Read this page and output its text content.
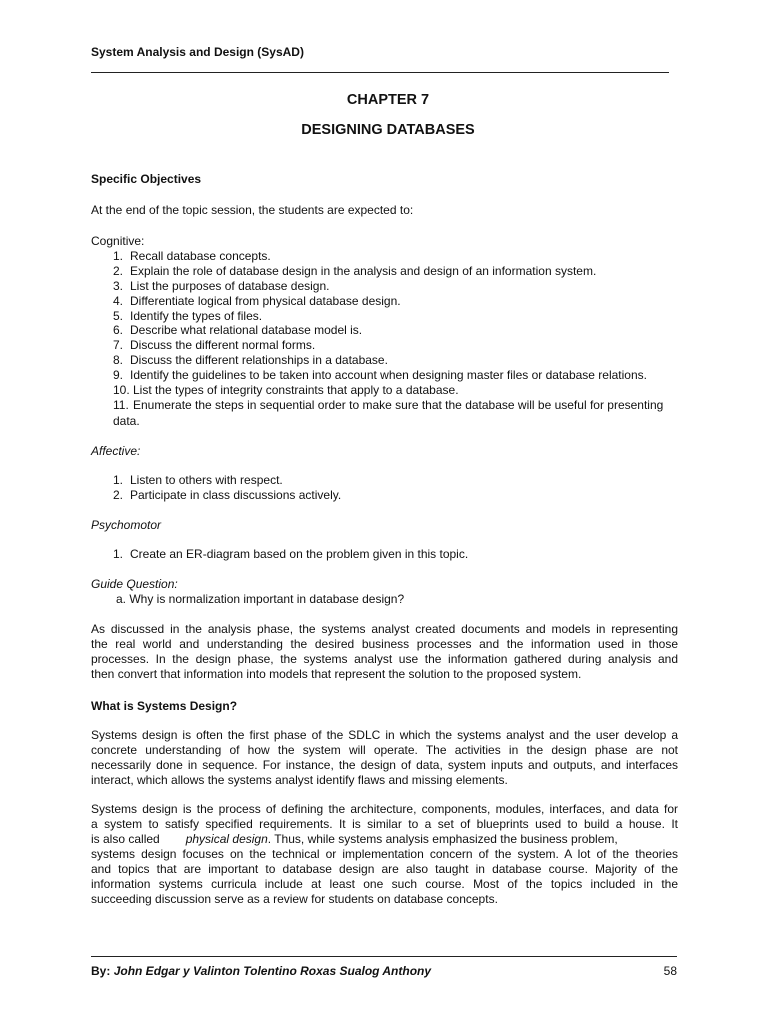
System Analysis and Design (SysAD)
CHAPTER 7
DESIGNING DATABASES
Specific Objectives
At the end of the topic session, the students are expected to:
Cognitive:
1. Recall database concepts.
2. Explain the role of database design in the analysis and design of an information system.
3. List the purposes of database design.
4. Differentiate logical from physical database design.
5. Identify the types of files.
6. Describe what relational database model is.
7. Discuss the different normal forms.
8. Discuss the different relationships in a database.
9. Identify the guidelines to be taken into account when designing master files or database relations.
10. List the types of integrity constraints that apply to a database.
11. Enumerate the steps in sequential order to make sure that the database will be useful for presenting
data.
Affective:
1. Listen to others with respect.
2. Participate in class discussions actively.
Psychomotor
1. Create an ER-diagram based on the problem given in this topic.
Guide Question:
a. Why is normalization important in database design?
As discussed in the analysis phase, the systems analyst created documents and models in representing
the real world and understanding the desired business processes and the information used in those
processes. In the design phase, the systems analyst use the information gathered during analysis and
then convert that information into models that represent the solution to the proposed system.
What is Systems Design?
Systems design is often the first phase of the SDLC in which the systems analyst and the user develop a
concrete understanding of how the system will operate. The activities in the design phase are not
necessarily done in sequence. For instance, the design of data, system inputs and outputs, and interfaces
interact, which allows the systems analyst identify flaws and missing elements.
Systems design is the process of defining the architecture, components, modules, interfaces, and data for
a system to satisfy specified requirements. It is similar to a set of blueprints used to build a house. It
is also called physical design. Thus, while systems analysis emphasized the business problem,
systems design focuses on the technical or implementation concern of the system. A lot of the theories
and topics that are important to database design are also taught in database course. Majority of the
information systems curricula include at least one such course. Most of the topics included in the
succeeding discussion serve as a review for students on database concepts.
By: John Edgar y Valinton Tolentino Roxas Sualog Anthony	58
